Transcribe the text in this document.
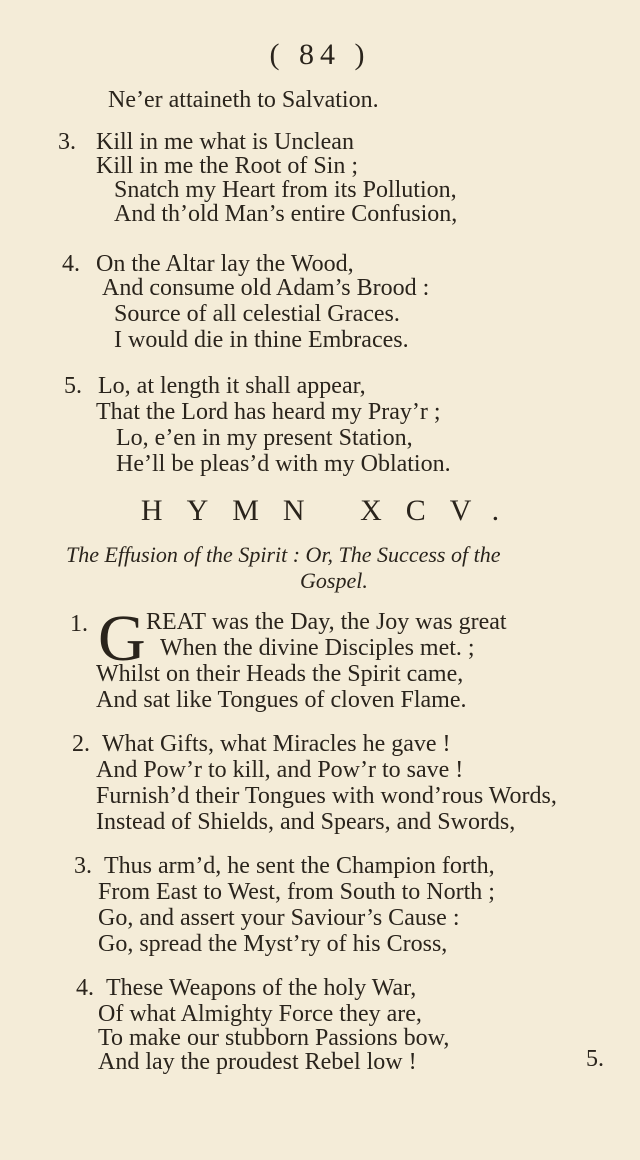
( 84 )
Ne’er attaineth to Salvation.
3. Kill in me what is Unclean
Kill in me the Root of Sin ;
Snatch my Heart from its Pollution,
And th’old Man’s entire Confusion,
4. On the Altar lay the Wood,
And consume old Adam’s Brood :
Source of all celestial Graces.
I would die in thine Embraces.
5. Lo, at length it shall appear,
That the Lord has heard my Pray’r ;
Lo, e’en in my present Station,
He’ll be pleas’d with my Oblation.
HYMN XCV.
The Effusion of the Spirit : Or, The Success of the
Gospel.
1. G REAT was the Day, the Joy was great
When the divine Disciples met. ;
Whilst on their Heads the Spirit came,
And sat like Tongues of cloven Flame.
2. What Gifts, what Miracles he gave !
And Pow’r to kill, and Pow’r to save !
Furnish’d their Tongues with wond’rous Words,
Instead of Shields, and Spears, and Swords,
3. Thus arm’d, he sent the Champion forth,
From East to West, from South to North ;
Go, and assert your Saviour’s Cause :
Go, spread the Myst’ry of his Cross,
4. These Weapons of the holy War,
Of what Almighty Force they are,
To make our stubborn Passions bow,
And lay the proudest Rebel low !	5.
